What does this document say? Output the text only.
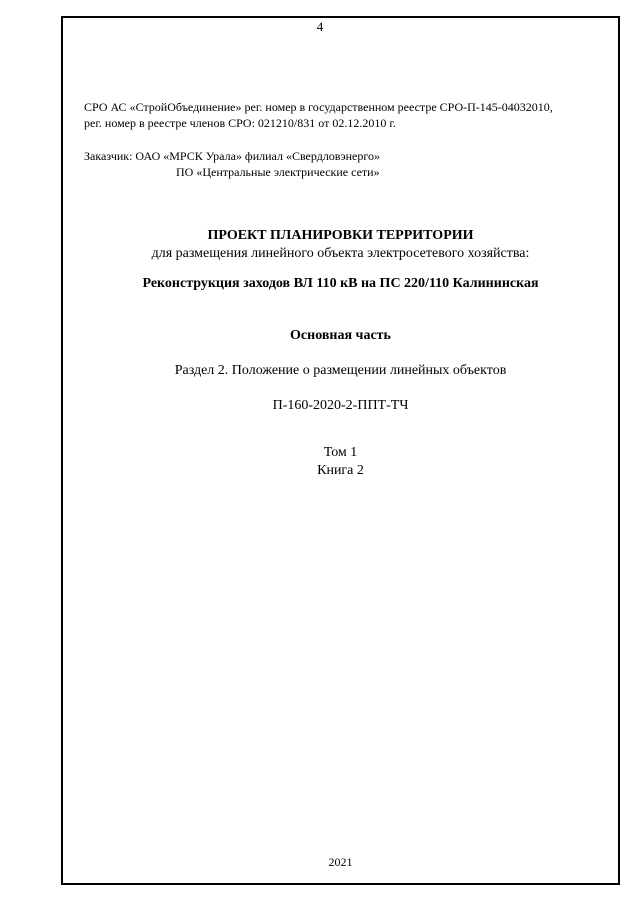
4
СРО АС «СтройОбъединение» рег. номер в государственном реестре СРО-П-145-04032010,
рег. номер в реестре членов СРО: 021210/831 от 02.12.2010 г.
Заказчик: ОАО «МРСК Урала» филиал «Свердловэнерго»
ПО «Центральные электрические сети»
ПРОЕКТ ПЛАНИРОВКИ ТЕРРИТОРИИ
для размещения линейного объекта электросетевого хозяйства:
Реконструкция заходов ВЛ 110 кВ на ПС 220/110 Калининская
Основная часть
Раздел 2. Положение о размещении линейных объектов
П-160-2020-2-ППТ-ТЧ
Том 1
Книга 2
2021
